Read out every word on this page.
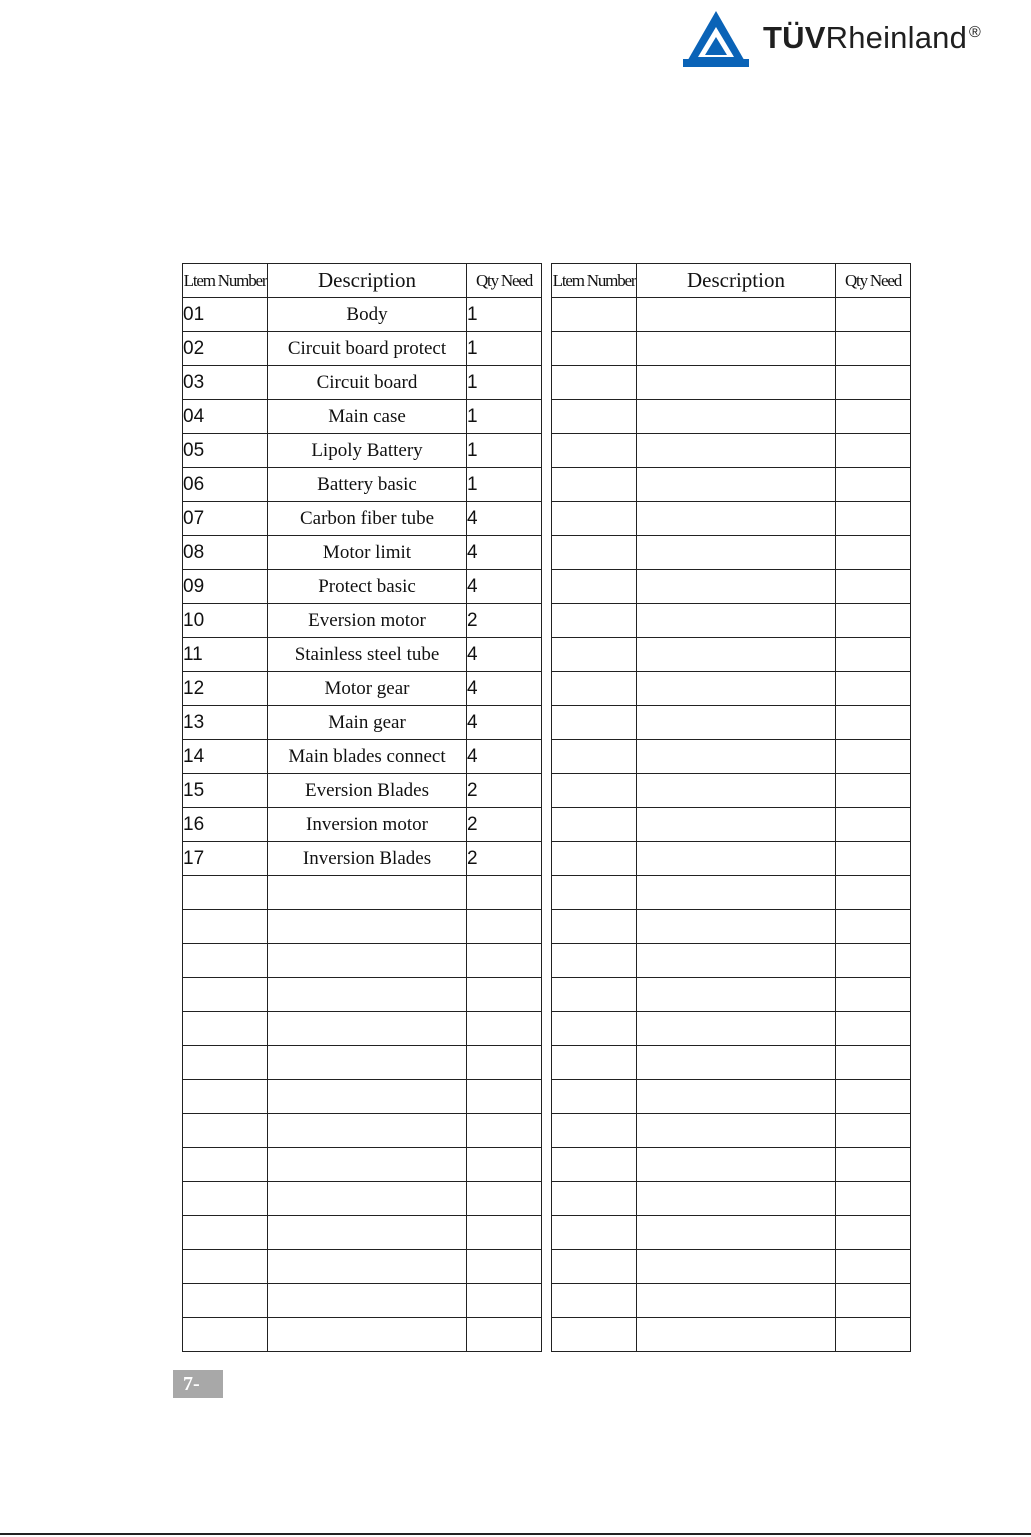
TÜVRheinland ®
Ltem Number	Description	Qty Need
01	Body	1
02	Circuit board protect	1
03	Circuit board	1
04	Main case	1
05	Lipoly Battery	1
06	Battery basic	1
07	Carbon fiber tube	4
08	Motor limit	4
09	Protect basic	4
10	Eversion motor	2
11	Stainless steel tube	4
12	Motor gear	4
13	Main gear	4
14	Main blades connect	4
15	Eversion Blades	2
16	Inversion motor	2
17	Inversion Blades	2

Ltem Number	Description	Qty Need

7-
